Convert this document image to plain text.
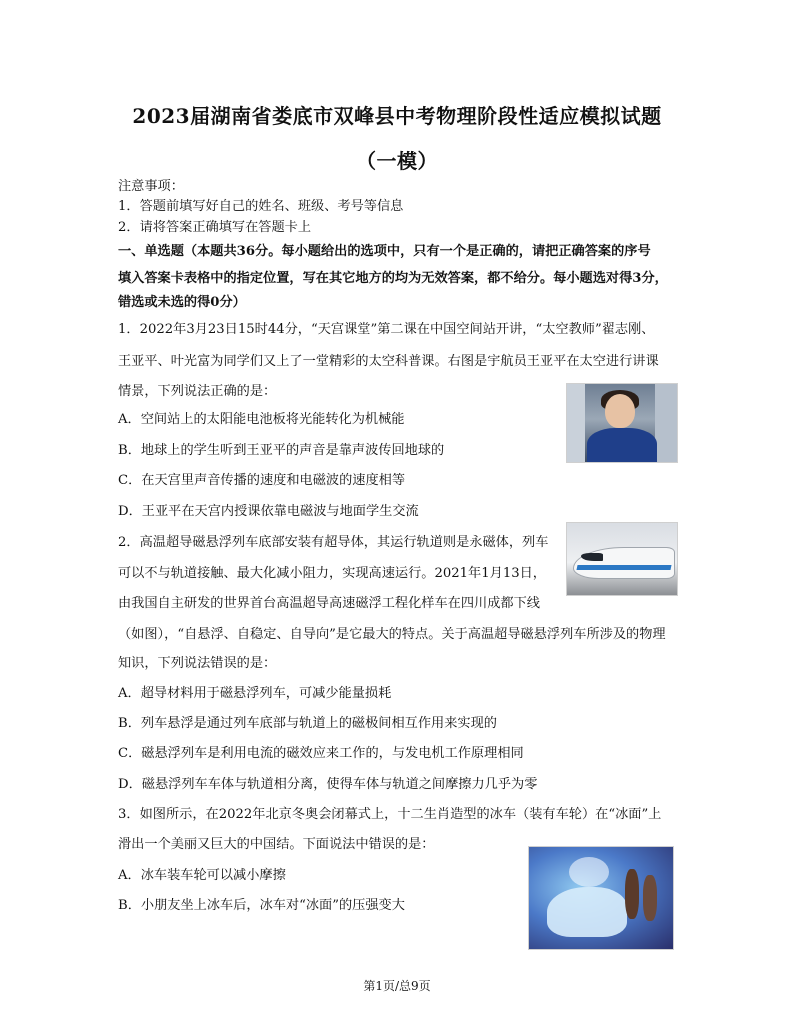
2023届湖南省娄底市双峰县中考物理阶段性适应模拟试题
（一模）
注意事项：
1．答题前填写好自己的姓名、班级、考号等信息
2．请将答案正确填写在答题卡上
一、单选题（本题共36分。每小题给出的选项中，只有一个是正确的，请把正确答案的序号
填入答案卡表格中的指定位置，写在其它地方的均为无效答案，都不给分。每小题选对得3分，
错选或未选的得0分）
1．2022年3月23日15时44分，“天宫课堂”第二课在中国空间站开讲，“太空教师”翟志刚、
王亚平、叶光富为同学们又上了一堂精彩的太空科普课。右图是宇航员王亚平在太空进行讲课
情景，下列说法正确的是：
A．空间站上的太阳能电池板将光能转化为机械能
B．地球上的学生听到王亚平的声音是靠声波传回地球的
C．在天宫里声音传播的速度和电磁波的速度相等
D．王亚平在天宫内授课依靠电磁波与地面学生交流
2．高温超导磁悬浮列车底部安装有超导体，其运行轨道则是永磁体，列车
可以不与轨道接触、最大化减小阻力，实现高速运行。2021年1月13日，
由我国自主研发的世界首台高温超导高速磁浮工程化样车在四川成都下线
（如图），“自悬浮、自稳定、自导向”是它最大的特点。关于高温超导磁悬浮列车所涉及的物理
知识，下列说法错误的是：
A．超导材料用于磁悬浮列车，可减少能量损耗
B．列车悬浮是通过列车底部与轨道上的磁极间相互作用来实现的
C．磁悬浮列车是利用电流的磁效应来工作的，与发电机工作原理相同
D．磁悬浮列车车体与轨道相分离，使得车体与轨道之间摩擦力几乎为零
3．如图所示，在2022年北京冬奥会闭幕式上，十二生肖造型的冰车（装有车轮）在“冰面”上
滑出一个美丽又巨大的中国结。下面说法中错误的是：
A．冰车装车轮可以减小摩擦
B．小朋友坐上冰车后，冰车对“冰面”的压强变大
第1页/总9页
